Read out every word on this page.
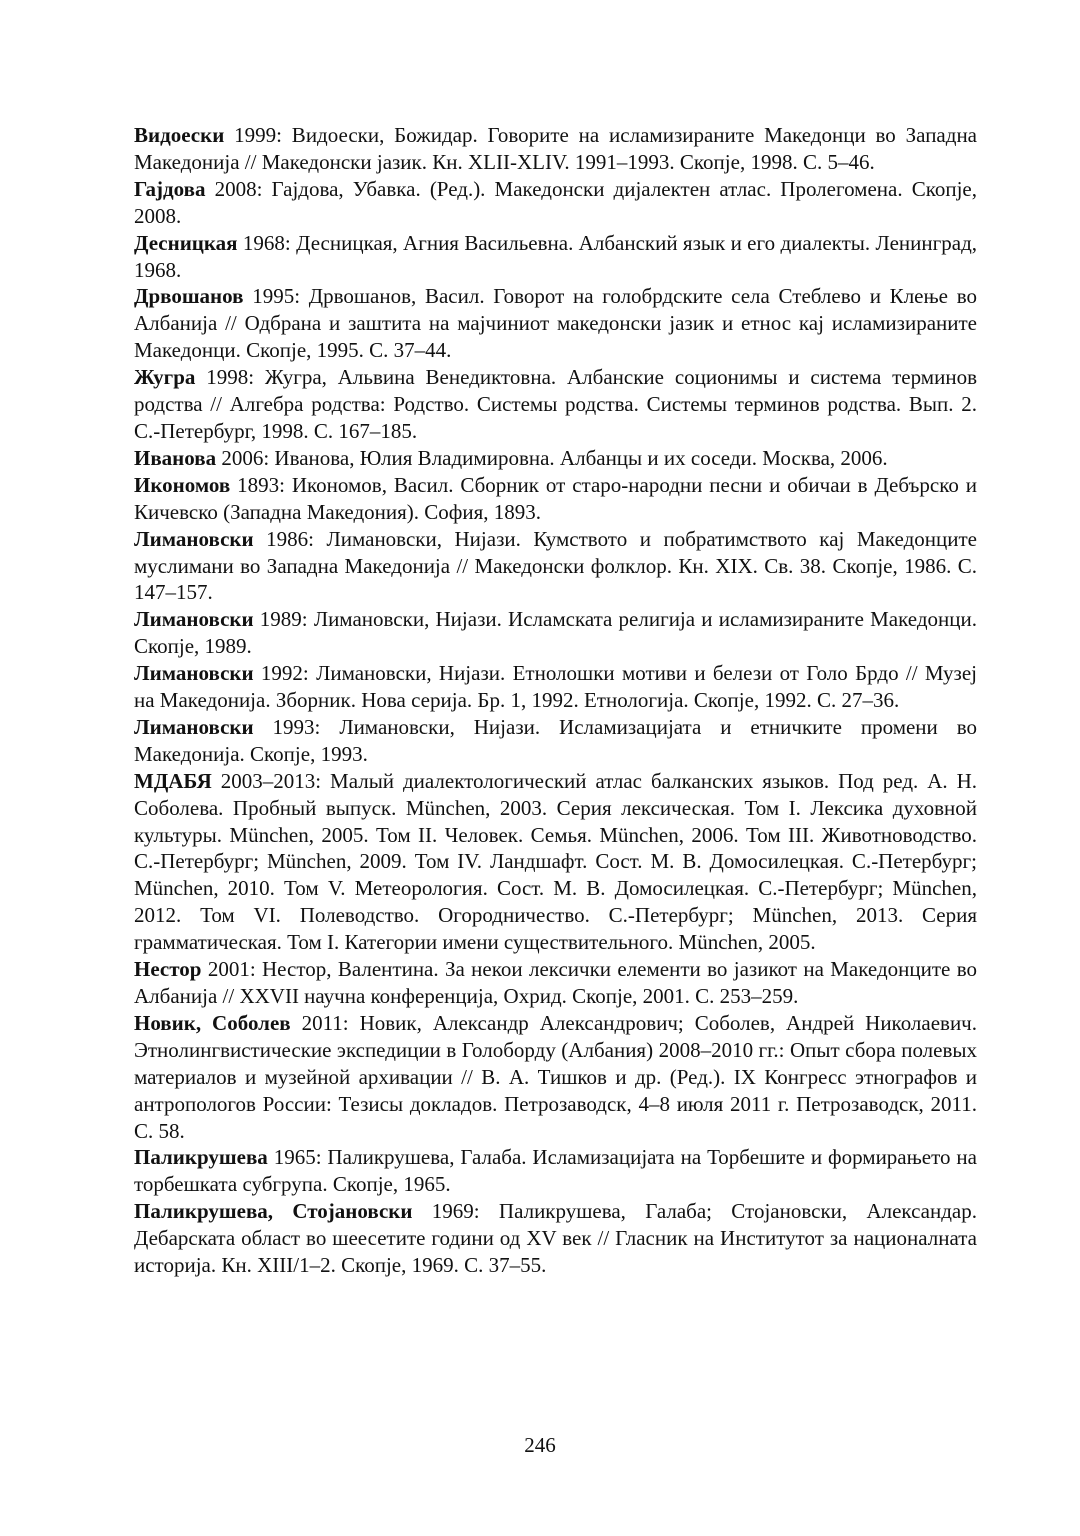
Видоески 1999: Видоески, Божидар. Говорите на исламизираните Македонци во Западна Македонија // Македонски јазик. Кн. XLII-XLIV. 1991–1993. Скопје, 1998. С. 5–46.

Гајдова 2008: Гајдова, Убавка. (Ред.). Македонски дијалектен атлас. Пролегомена. Скопје, 2008.

Десницкая 1968: Десницкая, Агния Васильевна. Албанский язык и его диалекты. Ленинград, 1968.

Дрвошанов 1995: Дрвошанов, Васил. Говорот на голобрдските села Стеблево и Клење во Албанија // Одбрана и заштита на мајчиниот македонски јазик и етнос кај исламизираните Македонци. Скопје, 1995. С. 37–44.

Жугра 1998: Жугра, Альвина Венедиктовна. Албанские соционимы и система терминов родства // Алгебра родства: Родство. Системы родства. Системы терминов родства. Вып. 2. С.-Петербург, 1998. С. 167–185.

Иванова 2006: Иванова, Юлия Владимировна. Албанцы и их соседи. Москва, 2006.

Икономов 1893: Икономов, Васил. Сборник от старо-народни песни и обичаи в Дебърско и Кичевско (Западна Македония). София, 1893.

Лимановски 1986: Лимановски, Нијази. Кумството и побратимството кај Македонците муслимани во Западна Македонија // Македонски фолклор. Кн. XIX. Св. 38. Скопје, 1986. С. 147–157.

Лимановски 1989: Лимановски, Нијази. Исламската религија и исламизираните Македонци. Скопје, 1989.

Лимановски 1992: Лимановски, Нијази. Етнолошки мотиви и белези от Голо Брдо // Музеј на Македонија. Зборник. Нова серија. Бр. 1, 1992. Етнологија. Скопје, 1992. С. 27–36.

Лимановски 1993: Лимановски, Нијази. Исламизацијата и етничките промени во Македонија. Скопје, 1993.

МДАБЯ 2003–2013: Малый диалектологический атлас балканских языков. Под ред. А. Н. Соболева. Пробный выпуск. München, 2003. Серия лексическая. Том I. Лексика духовной культуры. München, 2005. Том II. Человек. Семья. München, 2006. Том III. Животноводство. С.-Петербург; München, 2009. Том IV. Ландшафт. Сост. М. В. Домосилецкая. С.-Петербург; München, 2010. Том V. Метеорология. Сост. М. В. Домосилецкая. С.-Петербург; München, 2012. Том VI. Полеводство. Огородничество. С.-Петербург; München, 2013. Серия грамматическая. Том I. Категории имени существительного. München, 2005.

Нестор 2001: Нестор, Валентина. За некои лексички елементи во јазикот на Македонците во Албанија // XXVII научна конференција, Охрид. Скопје, 2001. С. 253–259.

Новик, Соболев 2011: Новик, Александр Александрович; Соболев, Андрей Николаевич. Этнолингвистические экспедиции в Голоборду (Албания) 2008–2010 гг.: Опыт сбора полевых материалов и музейной архивации // В. А. Тишков и др. (Ред.). IX Конгресс этнографов и антропологов России: Тезисы докладов. Петрозаводск, 4–8 июля 2011 г. Петрозаводск, 2011. С. 58.

Паликрушева 1965: Паликрушева, Галаба. Исламизацијата на Торбешите и формирањето на торбешката субгрупа. Скопје, 1965.

Паликрушева, Стојановски 1969: Паликрушева, Галаба; Стојановски, Александар. Дебарската област во шеесетите години од XV век // Гласник на Институтот за националната историја. Кн. XIII/1–2. Скопје, 1969. С. 37–55.

246
